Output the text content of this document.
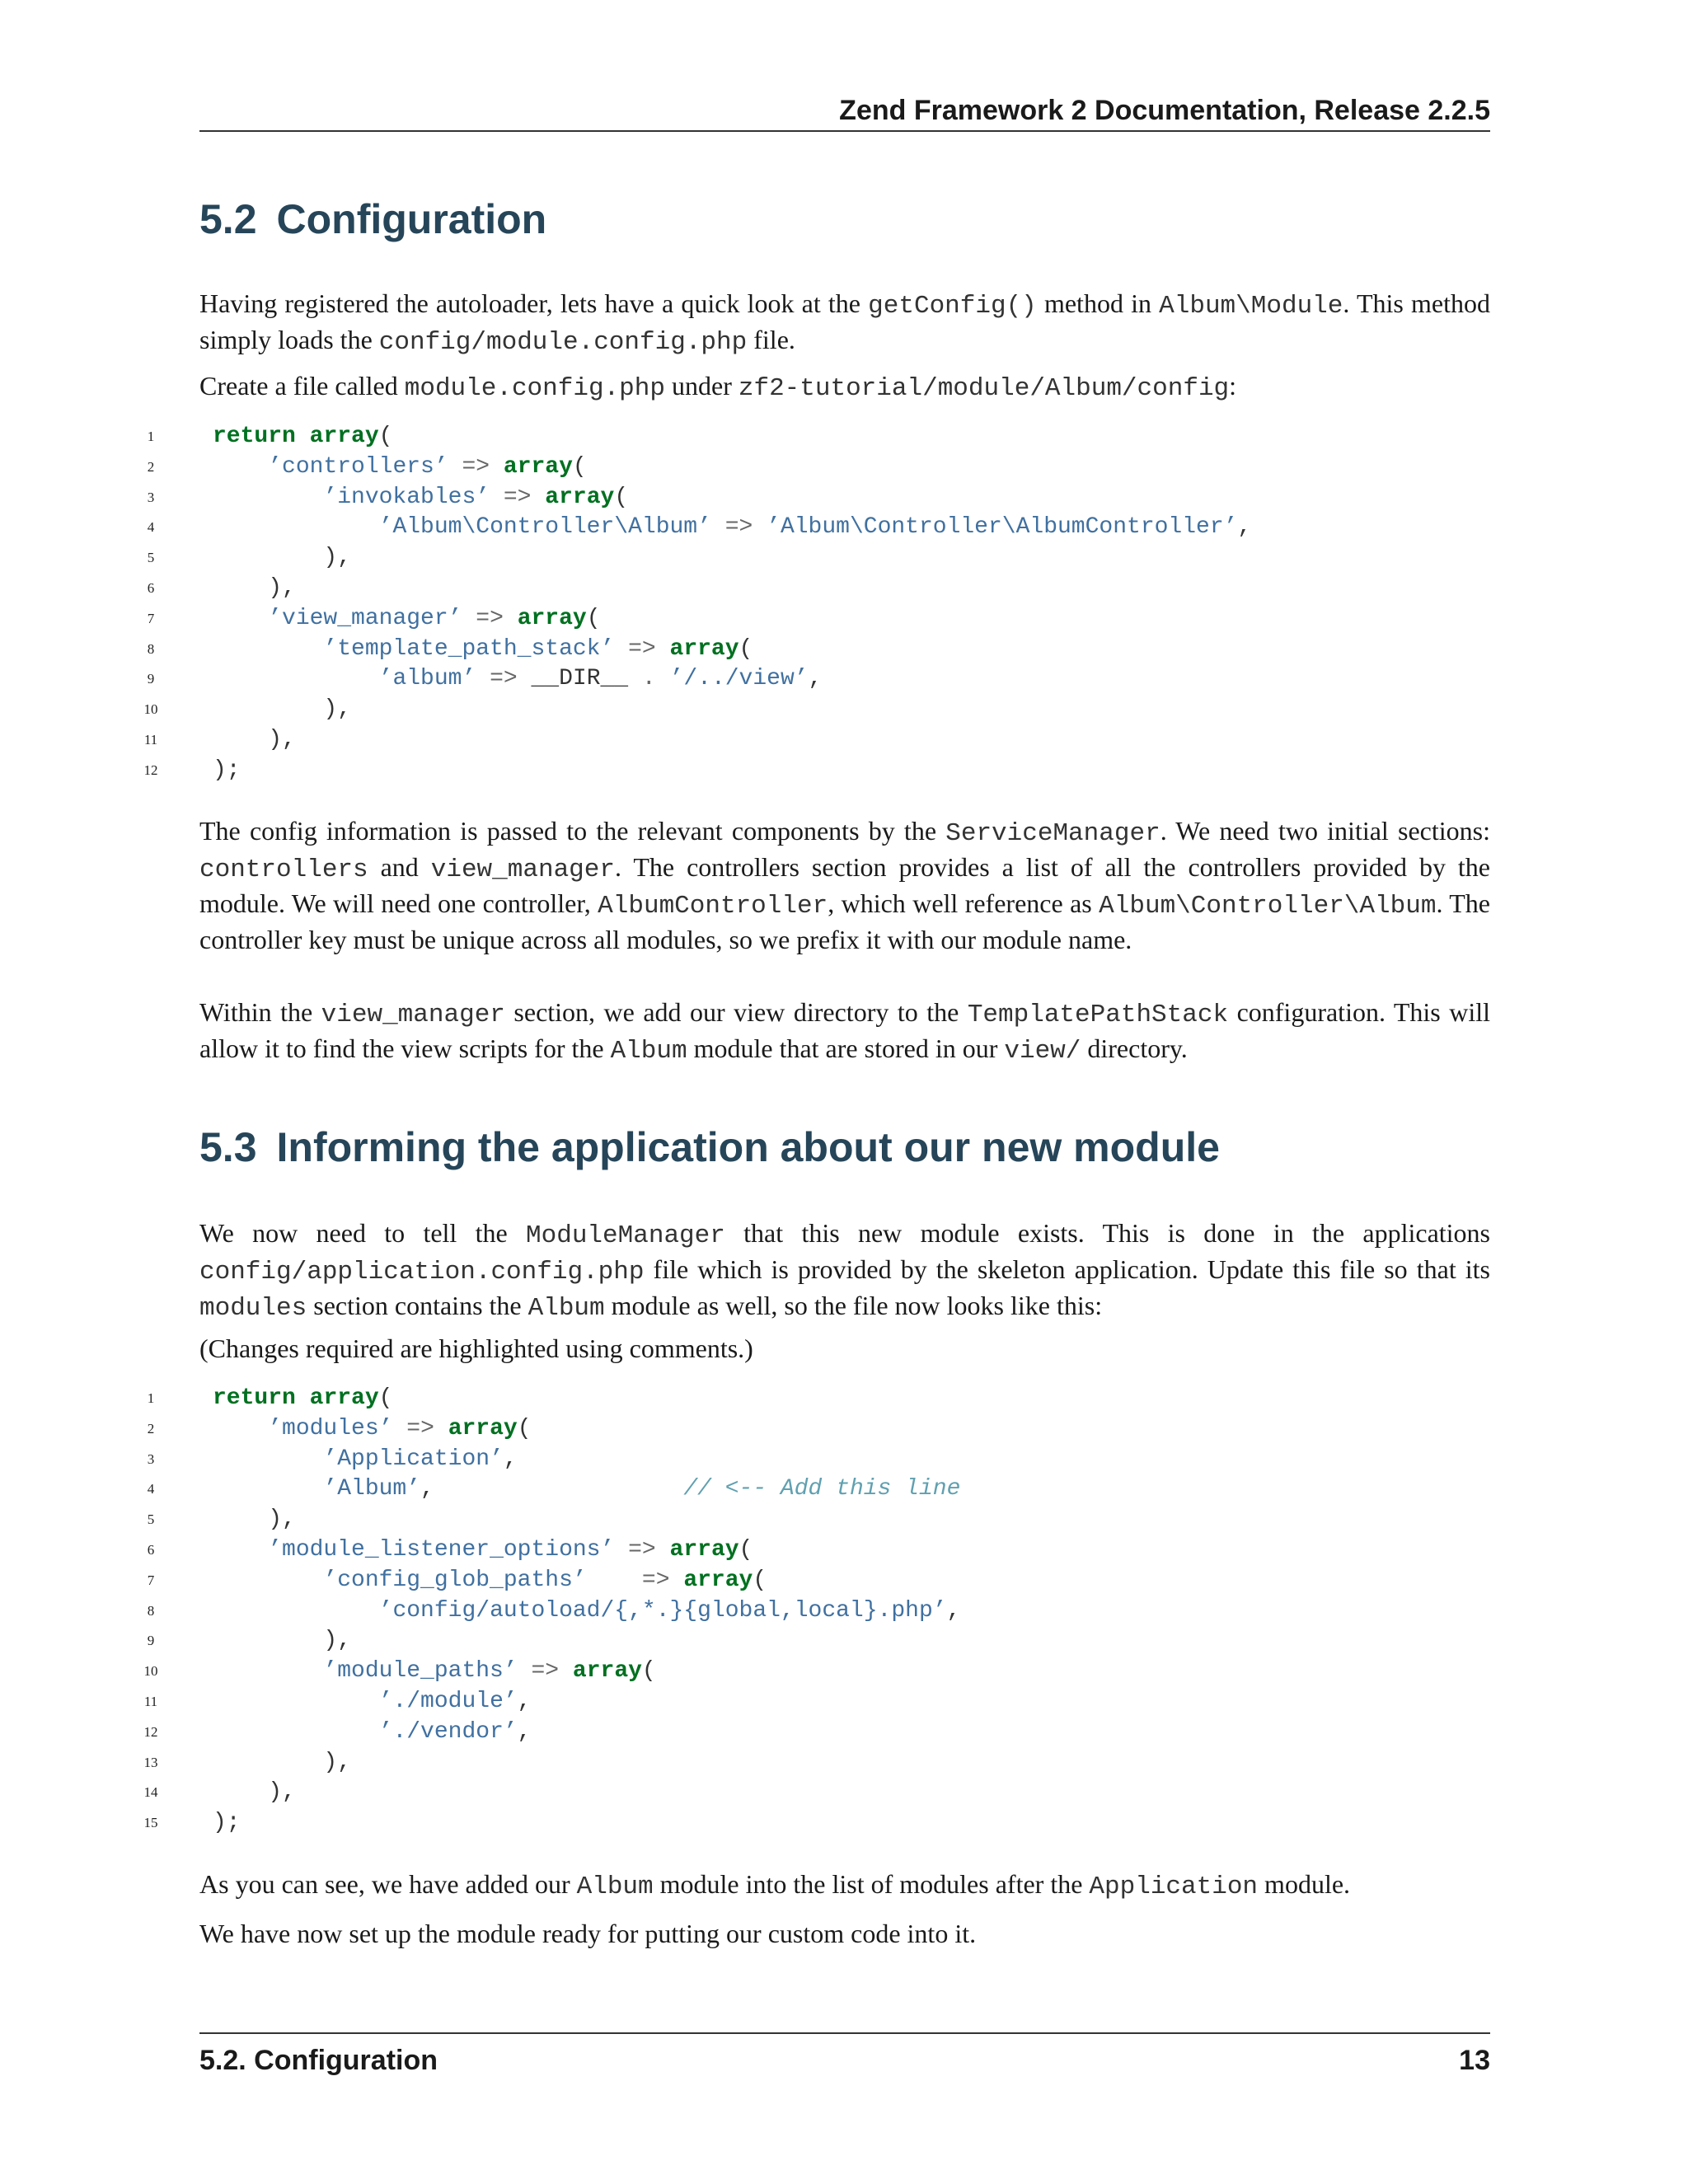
Zend Framework 2 Documentation, Release 2.2.5
5.2 Configuration

Having registered the autoloader, lets have a quick look at the getConfig() method in Album\Module. This method simply loads the config/module.config.php file.

Create a file called module.config.php under zf2-tutorial/module/Album/config:

1	return array(
2	’controllers’ => array(
3	’invokables’ => array(
4	’Album\Controller\Album’ => ’Album\Controller\AlbumController’,
5	),
6	),
7	’view_manager’ => array(
8	’template_path_stack’ => array(
9	’album’ => __DIR__ . ’/../view’,
10	),
11	),
12	);

The config information is passed to the relevant components by the ServiceManager. We need two initial sections: controllers and view_manager. The controllers section provides a list of all the controllers provided by the module. We will need one controller, AlbumController, which well reference as Album\Controller\Album. The controller key must be unique across all modules, so we prefix it with our module name.

Within the view_manager section, we add our view directory to the TemplatePathStack configuration. This will allow it to find the view scripts for the Album module that are stored in our view/ directory.

5.3 Informing the application about our new module

We now need to tell the ModuleManager that this new module exists. This is done in the applications config/application.config.php file which is provided by the skeleton application. Update this file so that its modules section contains the Album module as well, so the file now looks like this:

(Changes required are highlighted using comments.)

1	return array(
2	’modules’ => array(
3	’Application’,
4	’Album’,                  // <-- Add this line
5	),
6	’module_listener_options’ => array(
7	’config_glob_paths’ => array(
8	’config/autoload/{,*.}{global,local}.php’,
9	),
10	’module_paths’ => array(
11	’./module’,
12	’./vendor’,
13	),
14	),
15	);

As you can see, we have added our Album module into the list of modules after the Application module.

We have now set up the module ready for putting our custom code into it.

5.2. Configuration	13
